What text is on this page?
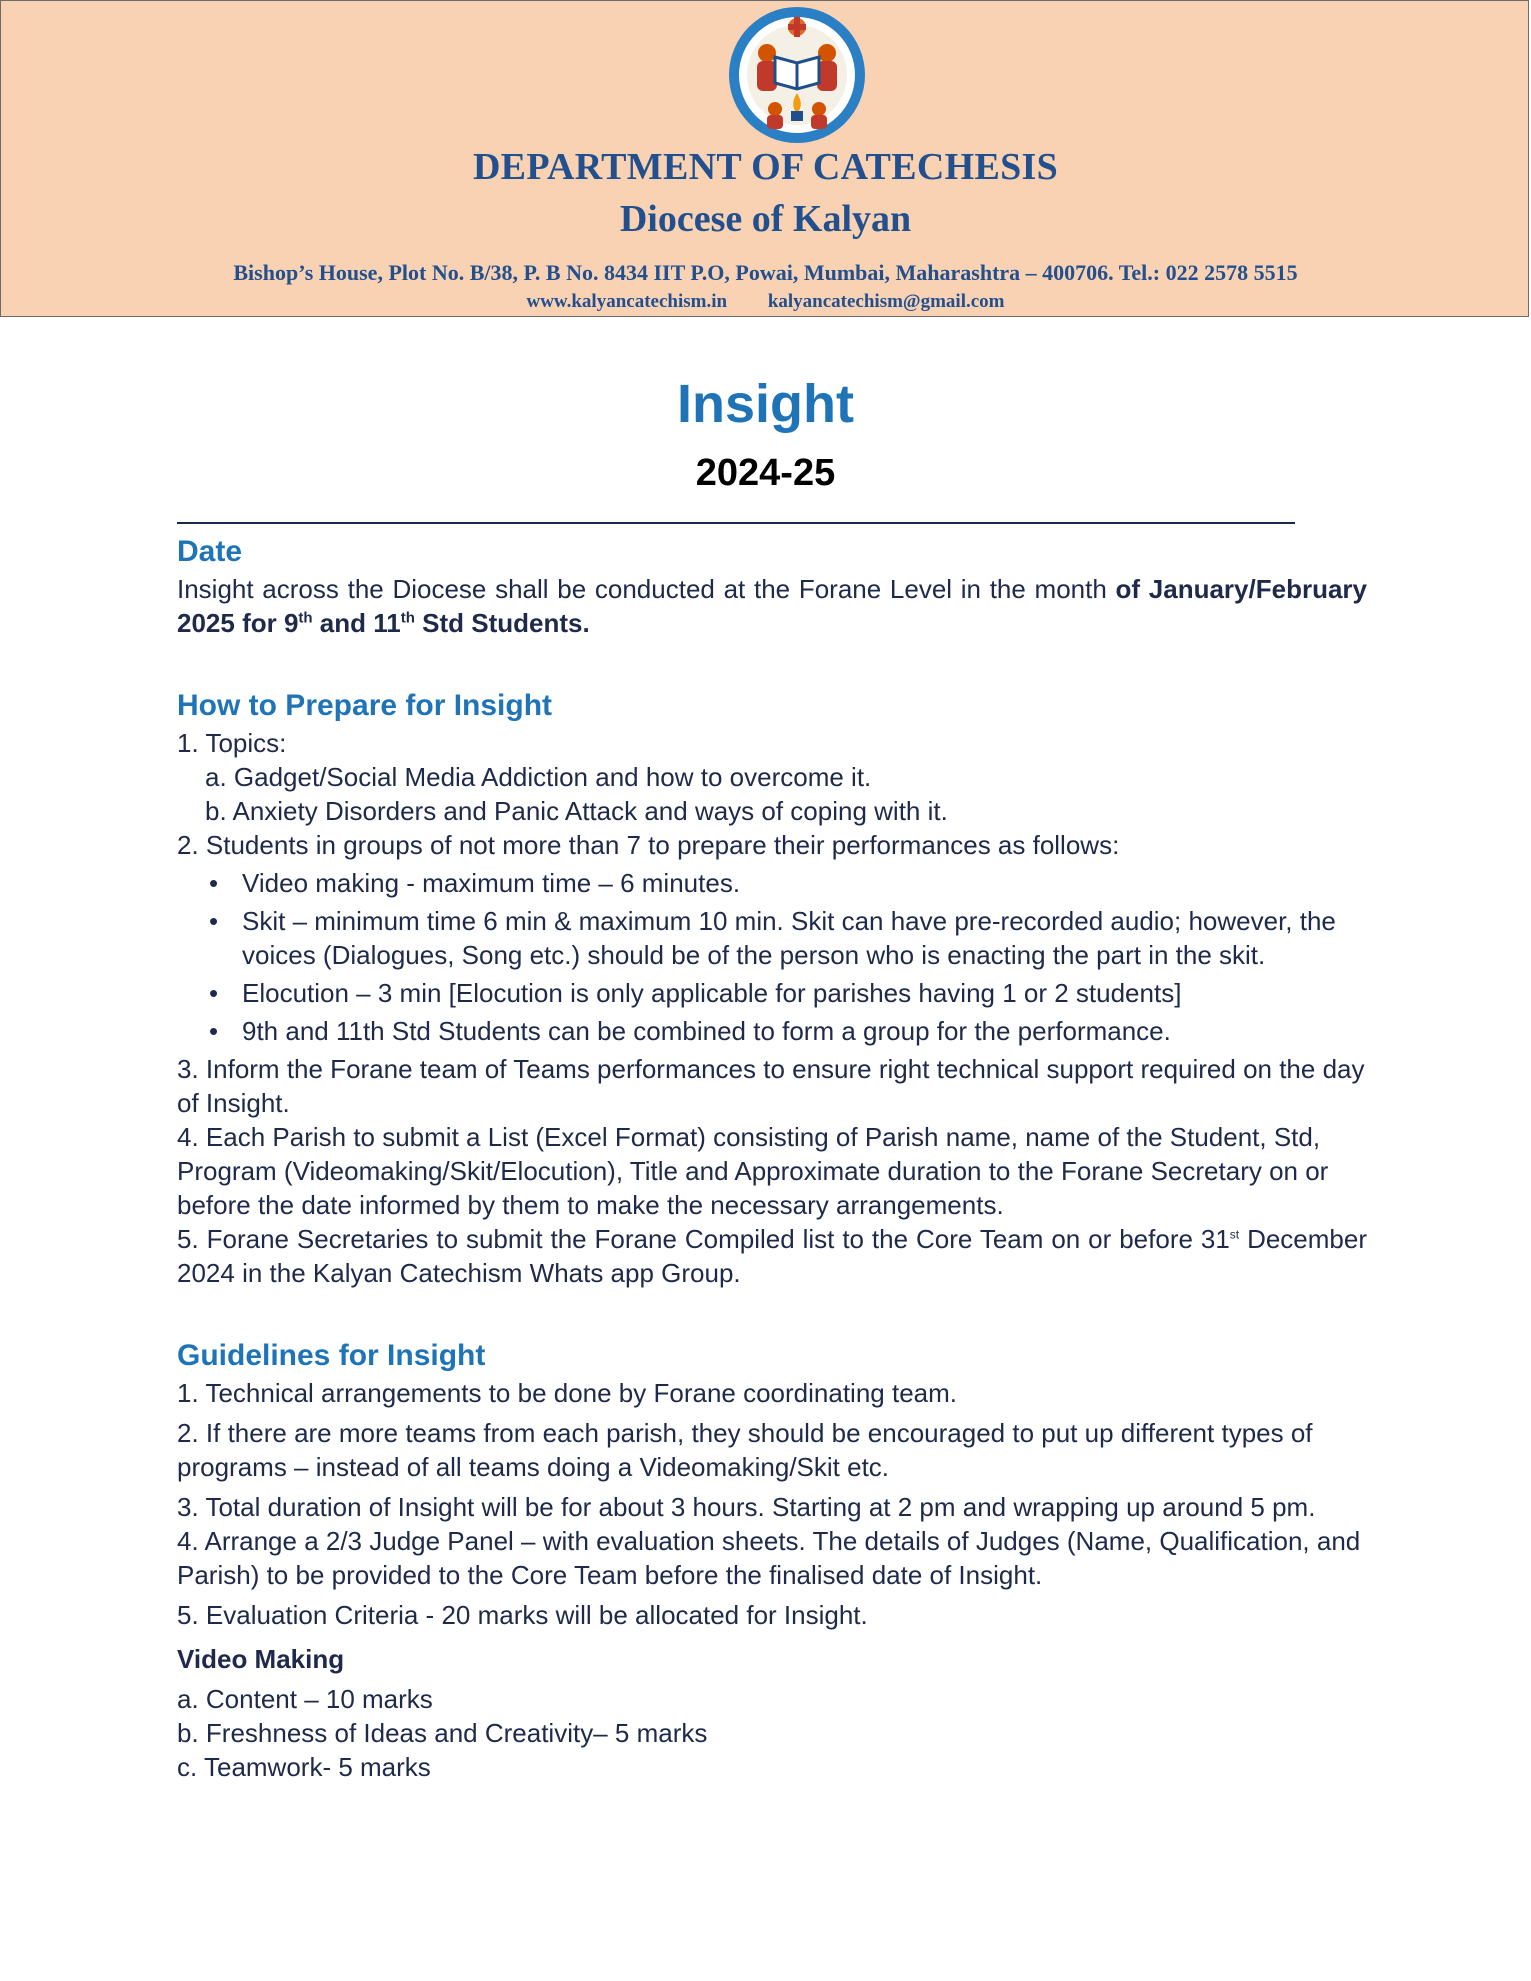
DEPARTMENT OF CATECHESIS
Diocese of Kalyan
Bishop’s House, Plot No. B/38, P. B No. 8434 IIT P.O, Powai, Mumbai, Maharashtra – 400706. Tel.: 022 2578 5515
www.kalyancatechism.in kalyancatechism@gmail.com
Insight
2024-25
Date

Insight across the Diocese shall be conducted at the Forane Level in the month of January/February 2025 for 9th and 11th Std Students.

How to Prepare for Insight

1. Topics:

a. Gadget/Social Media Addiction and how to overcome it.

b. Anxiety Disorders and Panic Attack and ways of coping with it.

2. Students in groups of not more than 7 to prepare their performances as follows:

• Video making - maximum time – 6 minutes.
• Skit – minimum time 6 min & maximum 10 min. Skit can have pre-recorded audio; however, the voices (Dialogues, Song etc.) should be of the person who is enacting the part in the skit.
• Elocution – 3 min [Elocution is only applicable for parishes having 1 or 2 students]
• 9th and 11th Std Students can be combined to form a group for the performance.

3. Inform the Forane team of Teams performances to ensure right technical support required on the day of Insight.

4. Each Parish to submit a List (Excel Format) consisting of Parish name, name of the Student, Std, Program (Videomaking/Skit/Elocution), Title and Approximate duration to the Forane Secretary on or before the date informed by them to make the necessary arrangements.

5. Forane Secretaries to submit the Forane Compiled list to the Core Team on or before 31st December 2024 in the Kalyan Catechism Whats app Group.

Guidelines for Insight

1. Technical arrangements to be done by Forane coordinating team.

2. If there are more teams from each parish, they should be encouraged to put up different types of programs – instead of all teams doing a Videomaking/Skit etc.

3. Total duration of Insight will be for about 3 hours. Starting at 2 pm and wrapping up around 5 pm.

4. Arrange a 2/3 Judge Panel – with evaluation sheets. The details of Judges (Name, Qualification, and Parish) to be provided to the Core Team before the finalised date of Insight.

5. Evaluation Criteria - 20 marks will be allocated for Insight.

Video Making

a. Content – 10 marks

b. Freshness of Ideas and Creativity– 5 marks

c. Teamwork- 5 marks
